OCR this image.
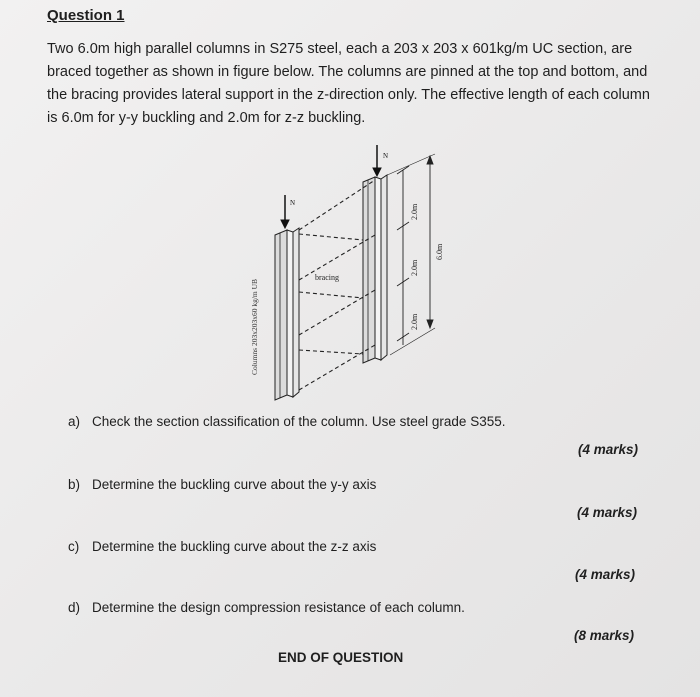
Question 1

Two 6.0m high parallel columns in S275 steel, each a 203 x 203 x 601kg/m UC section, are braced together as shown in figure below. The columns are pinned at the top and bottom, and the bracing provides lateral support in the z-direction only. The effective length of each column is 6.0m for y-y buckling and 2.0m for z-z buckling.

Columns 203x203x60 kg/m UB
bracing
N
N
2.0m
2.0m
2.0m
6.0m
a) Check the section classification of the column. Use steel grade S355.
(4 marks)
b) Determine the buckling curve about the y-y axis
(4 marks)
c) Determine the buckling curve about the z-z axis
(4 marks)
d) Determine the design compression resistance of each column.
(8 marks)
END OF QUESTION
